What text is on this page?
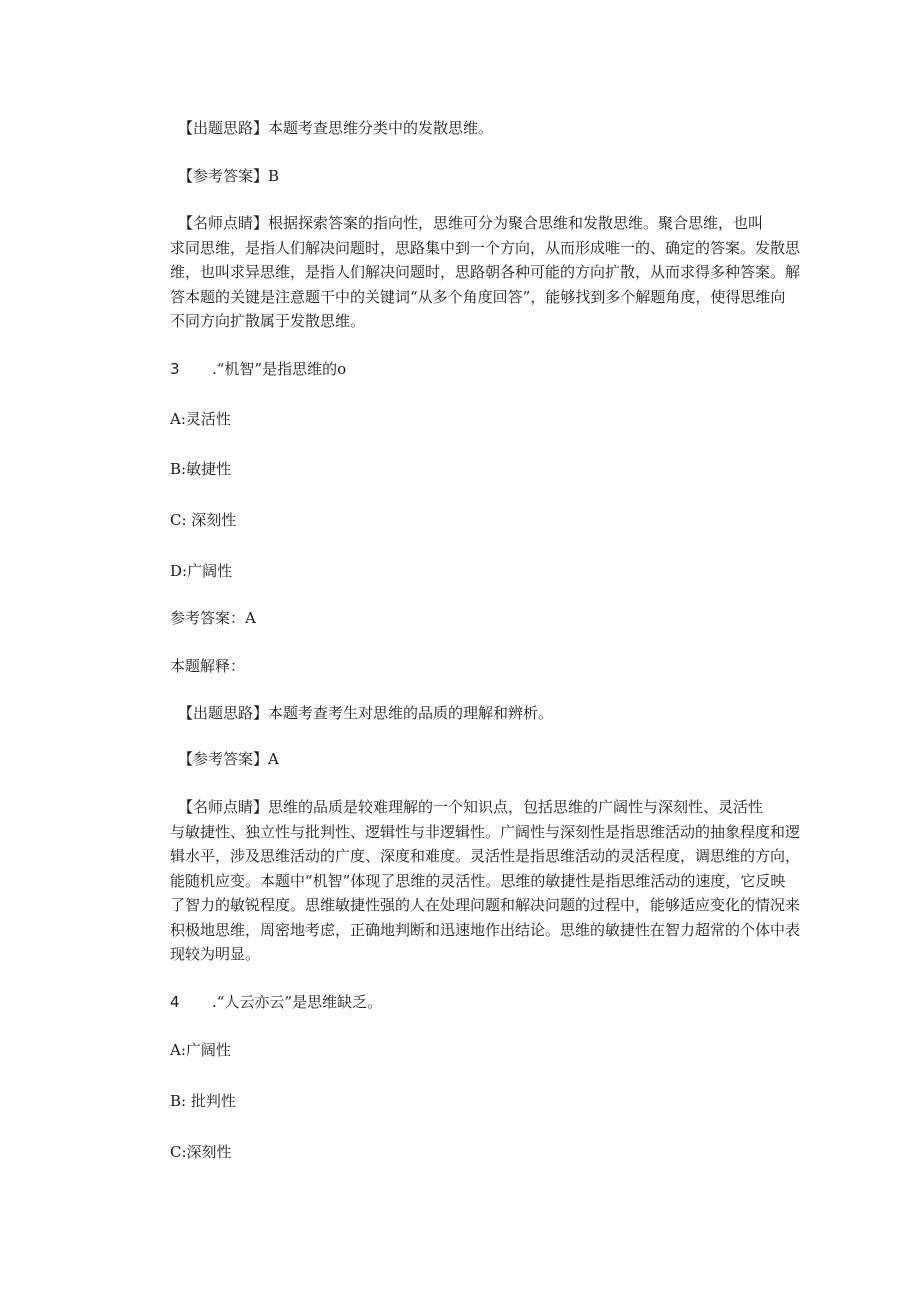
【出题思路】本题考查思维分类中的发散思维。
【参考答案】B
【名师点睛】根据探索答案的指向性，思维可分为聚合思维和发散思维。聚合思维，也叫
求同思维，是指人们解决问题时，思路集中到一个方向，从而形成唯一的、确定的答案。发散思
维，也叫求异思维，是指人们解决问题时，思路朝各种可能的方向扩散，从而求得多种答案。解
答本题的关键是注意题干中的关键词“从多个角度回答”，能够找到多个解题角度，使得思维向
不同方向扩散属于发散思维。
3 .“机智”是指思维的o
A:灵活性
B:敏捷性
C: 深刻性
D:广阔性
参考答案：A
本题解释：
【出题思路】本题考查考生对思维的品质的理解和辨析。
【参考答案】A
【名师点睛】思维的品质是较难理解的一个知识点，包括思维的广阔性与深刻性、灵活性
与敏捷性、独立性与批判性、逻辑性与非逻辑性。广阔性与深刻性是指思维活动的抽象程度和逻
辑水平，涉及思维活动的广度、深度和难度。灵活性是指思维活动的灵活程度，调思维的方向，
能随机应变。本题中“机智”体现了思维的灵活性。思维的敏捷性是指思维活动的速度，它反映
了智力的敏锐程度。思维敏捷性强的人在处理问题和解决问题的过程中，能够适应变化的情况来
积极地思维，周密地考虑，正确地判断和迅速地作出结论。思维的敏捷性在智力超常的个体中表
现较为明显。
4 .“人云亦云”是思维缺乏。
A:广阔性
B: 批判性
C:深刻性
